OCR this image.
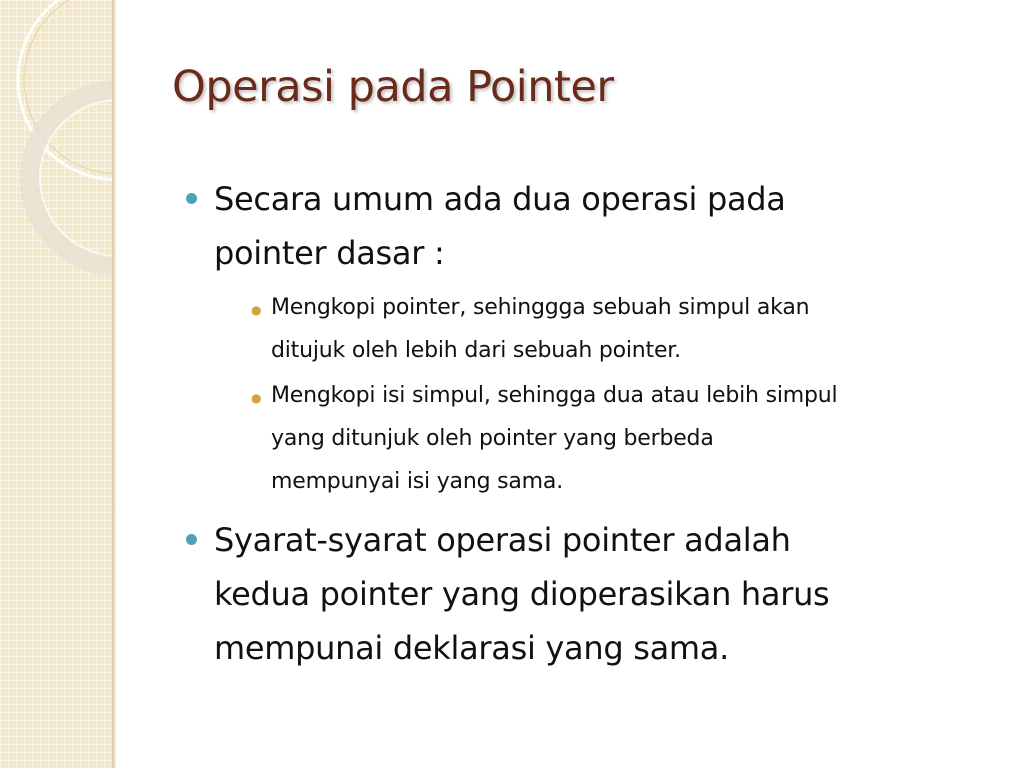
Operasi pada Pointer
Secara umum ada dua operasi pada
pointer dasar :
● Mengkopi pointer, sehinggga sebuah simpul akan
ditujuk oleh lebih dari sebuah pointer.
● Mengkopi isi simpul, sehingga dua atau lebih simpul
yang ditunjuk oleh pointer yang berbeda
mempunyai isi yang sama.
Syarat-syarat operasi pointer adalah
kedua pointer yang dioperasikan harus
mempunai deklarasi yang sama.
